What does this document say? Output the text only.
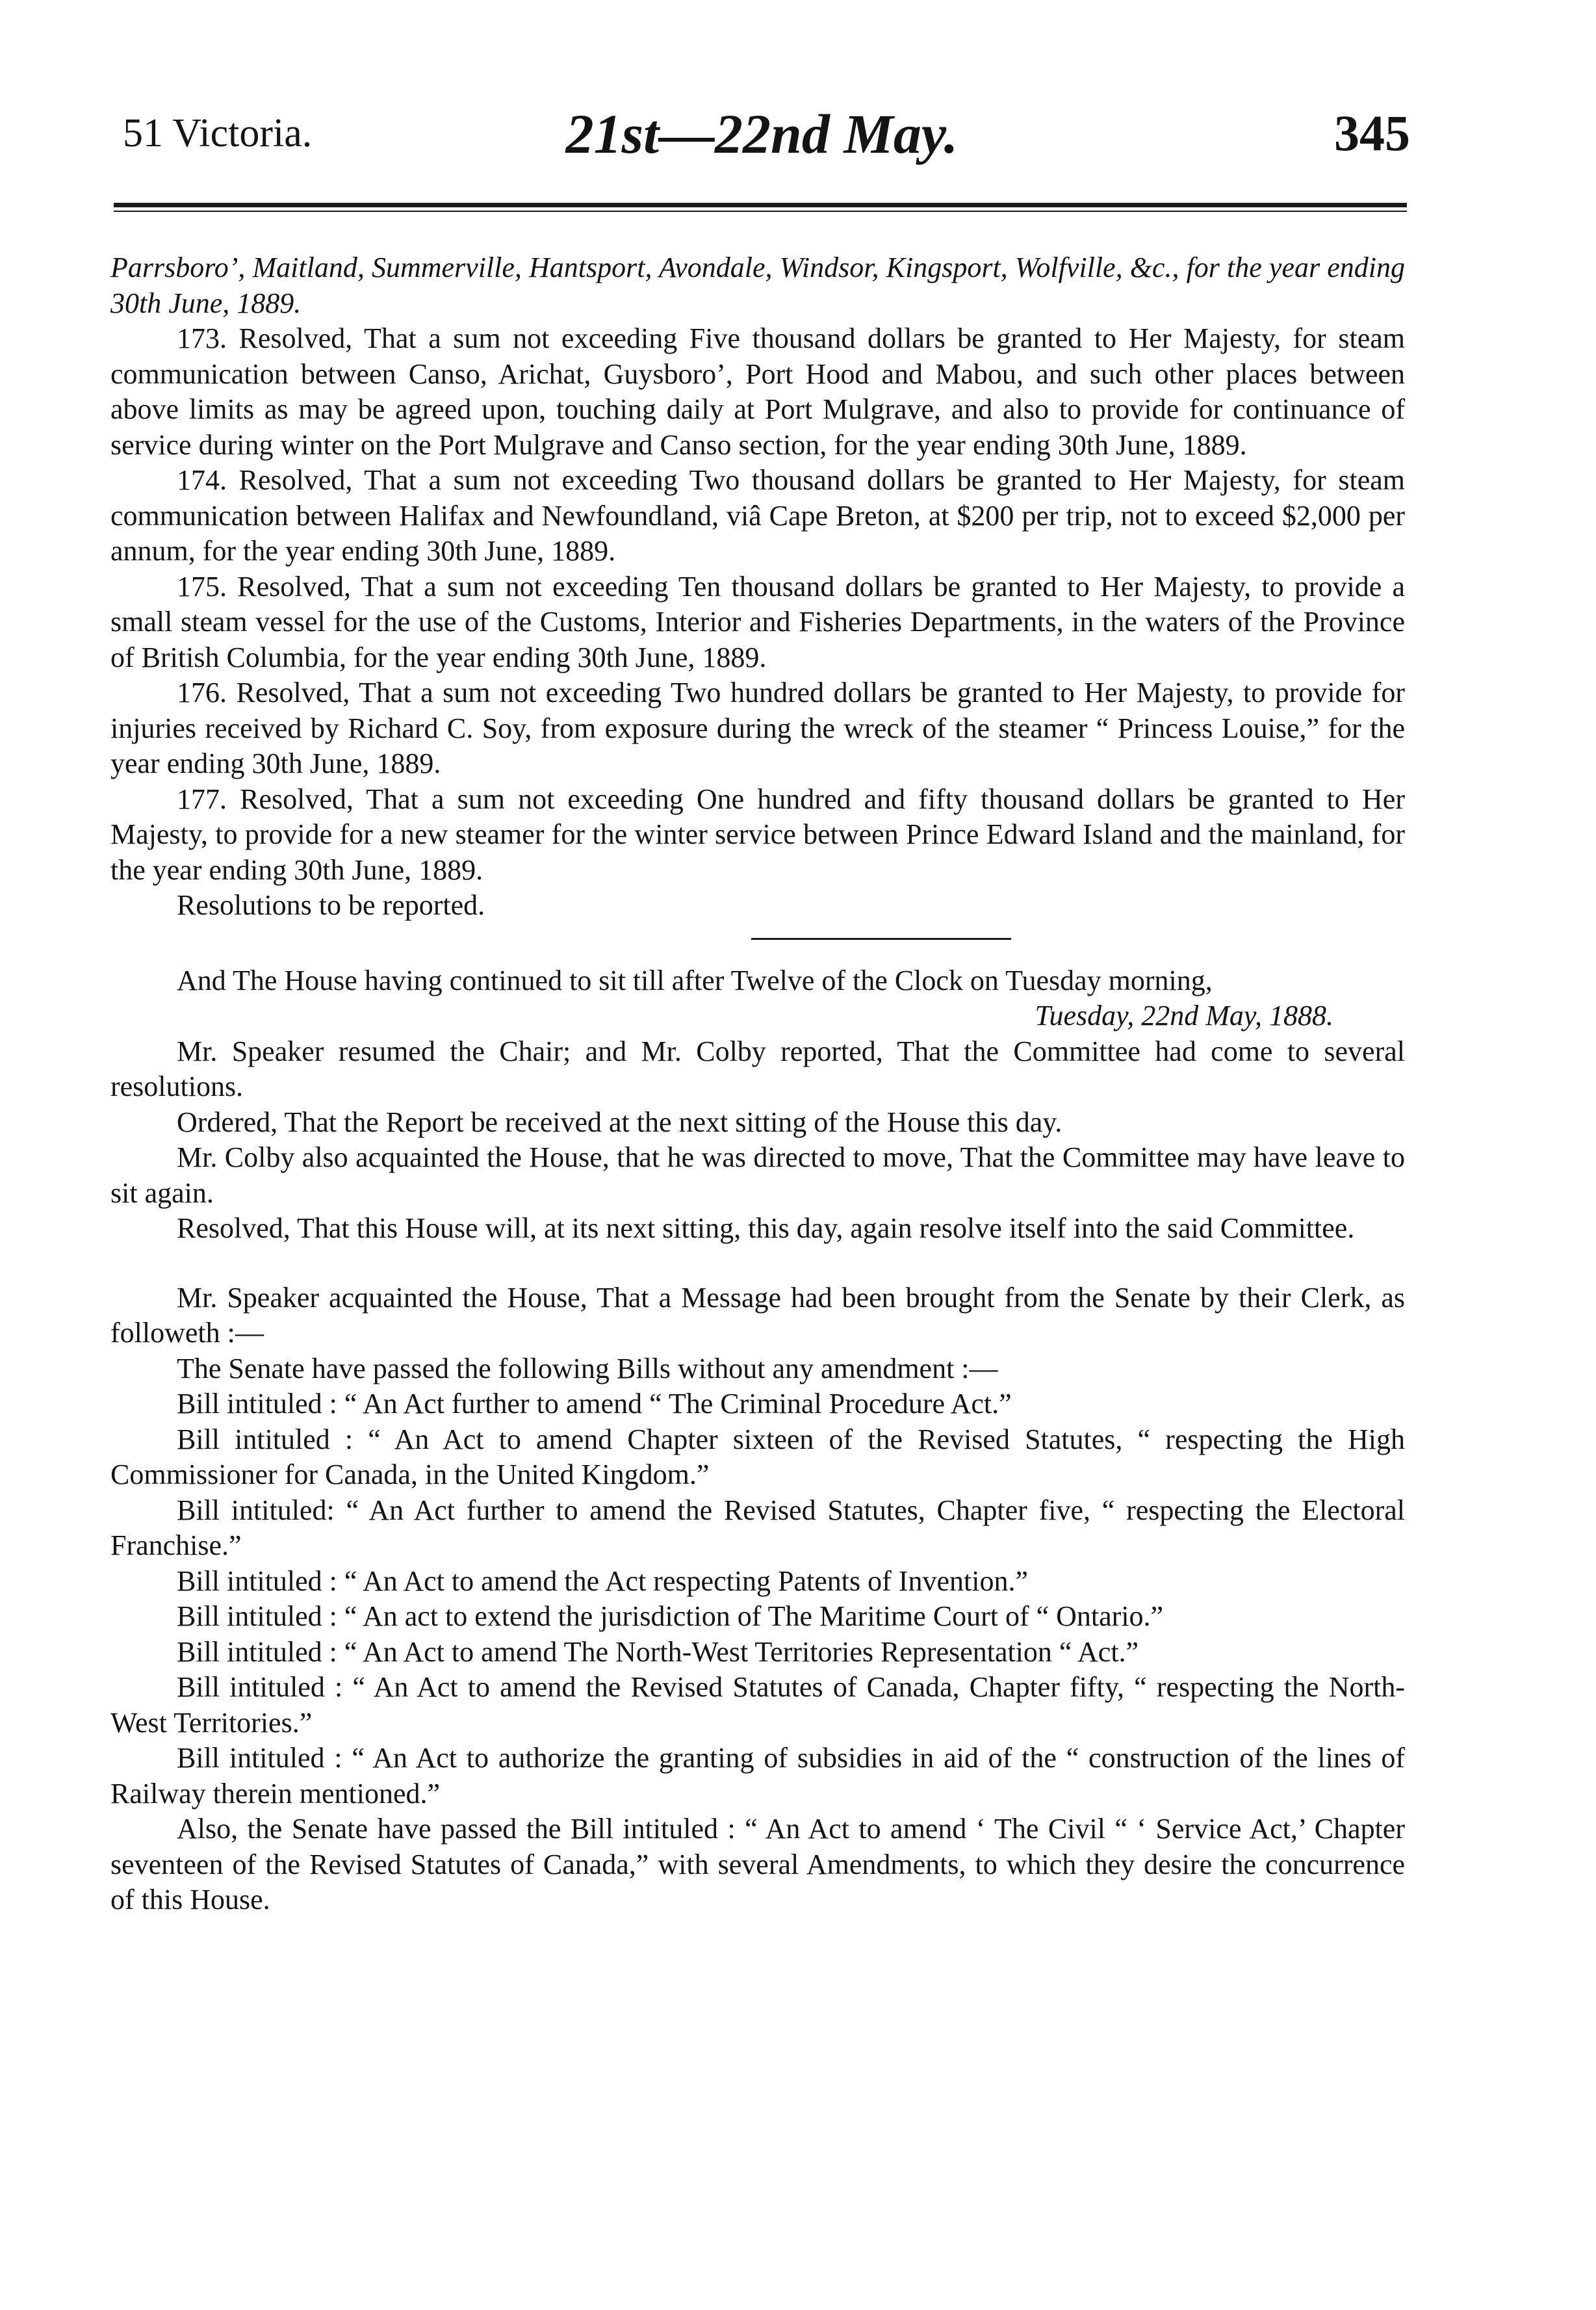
51 Victoria.	21st—22nd May.	345

Parrsboro’, Maitland, Summerville, Hantsport, Avondale, Windsor, Kingsport, Wolfville, &c., for the year ending 30th June, 1889.

173. Resolved, That a sum not exceeding Five thousand dollars be granted to Her Majesty, for steam communication between Canso, Arichat, Guysboro’, Port Hood and Mabou, and such other places between above limits as may be agreed upon, touching daily at Port Mulgrave, and also to provide for continuance of service during winter on the Port Mulgrave and Canso section, for the year ending 30th June, 1889.

174. Resolved, That a sum not exceeding Two thousand dollars be granted to Her Majesty, for steam communication between Halifax and Newfoundland, viâ Cape Breton, at $200 per trip, not to exceed $2,000 per annum, for the year ending 30th June, 1889.

175. Resolved, That a sum not exceeding Ten thousand dollars be granted to Her Majesty, to provide a small steam vessel for the use of the Customs, Interior and Fisheries Departments, in the waters of the Province of British Columbia, for the year ending 30th June, 1889.

176. Resolved, That a sum not exceeding Two hundred dollars be granted to Her Majesty, to provide for injuries received by Richard C. Soy, from exposure during the wreck of the steamer “ Princess Louise,” for the year ending 30th June, 1889.

177. Resolved, That a sum not exceeding One hundred and fifty thousand dollars be granted to Her Majesty, to provide for a new steamer for the winter service between Prince Edward Island and the mainland, for the year ending 30th June, 1889.

Resolutions to be reported.

And The House having continued to sit till after Twelve of the Clock on Tuesday morning,

Tuesday, 22nd May, 1888.

Mr. Speaker resumed the Chair; and Mr. Colby reported, That the Committee had come to several resolutions.

Ordered, That the Report be received at the next sitting of the House this day.

Mr. Colby also acquainted the House, that he was directed to move, That the Committee may have leave to sit again.

Resolved, That this House will, at its next sitting, this day, again resolve itself into the said Committee.

Mr. Speaker acquainted the House, That a Message had been brought from the Senate by their Clerk, as followeth :—

The Senate have passed the following Bills without any amendment :—

Bill intituled : “ An Act further to amend “ The Criminal Procedure Act.”

Bill intituled : “ An Act to amend Chapter sixteen of the Revised Statutes, “ respecting the High Commissioner for Canada, in the United Kingdom.”

Bill intituled: “ An Act further to amend the Revised Statutes, Chapter five, “ respecting the Electoral Franchise.”

Bill intituled : “ An Act to amend the Act respecting Patents of Invention.”

Bill intituled : “ An act to extend the jurisdiction of The Maritime Court of “ Ontario.”

Bill intituled : “ An Act to amend The North-West Territories Representation “ Act.”

Bill intituled : “ An Act to amend the Revised Statutes of Canada, Chapter fifty, “ respecting the North-West Territories.”

Bill intituled : “ An Act to authorize the granting of subsidies in aid of the “ construction of the lines of Railway therein mentioned.”

Also, the Senate have passed the Bill intituled : “ An Act to amend ‘ The Civil “ ‘ Service Act,’ Chapter seventeen of the Revised Statutes of Canada,” with several Amendments, to which they desire the concurrence of this House.
